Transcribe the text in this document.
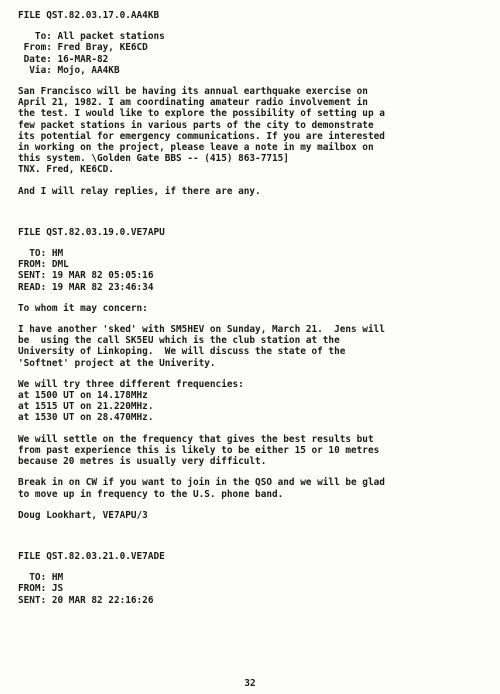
FILE QST.82.03.17.0.AA4KB
To: All packet stations
From: Fred Bray, KE6CD
Date: 16-MAR-82
Via: Mojo, AA4KB
San Francisco will be having its annual earthquake exercise on
April 21, 1982. I am coordinating amateur radio involvement in
the test. I would like to explore the possibility of setting up a
few packet stations in various parts of the city to demonstrate
its potential for emergency communications. If you are interested
in working on the project, please leave a note in my mailbox on
this system. \Golden Gate BBS -- (415) 863-7715]
TNX. Fred, KE6CD.
And I will relay replies, if there are any.
FILE QST.82.03.19.0.VE7APU
TO: HM
FROM: DML
SENT: 19 MAR 82 05:05:16
READ: 19 MAR 82 23:46:34
To whom it may concern:
I have another 'sked' with SM5HEV on Sunday, March 21.  Jens will
be  using the call SK5EU which is the club station at the
University of Linkoping.  We will discuss the state of the
'Softnet' project at the Univerity.
We will try three different frequencies:
at 1500 UT on 14.178MHz
at 1515 UT on 21.220MHz.
at 1530 UT on 28.470MHz.
We will settle on the frequency that gives the best results but
from past experience this is likely to be either 15 or 10 metres
because 20 metres is usually very difficult.
Break in on CW if you want to join in the QSO and we will be glad
to move up in frequency to the U.S. phone band.
Doug Lookhart, VE7APU/3
FILE QST.82.03.21.0.VE7ADE
TO: HM
FROM: JS
SENT: 20 MAR 82 22:16:26
32
